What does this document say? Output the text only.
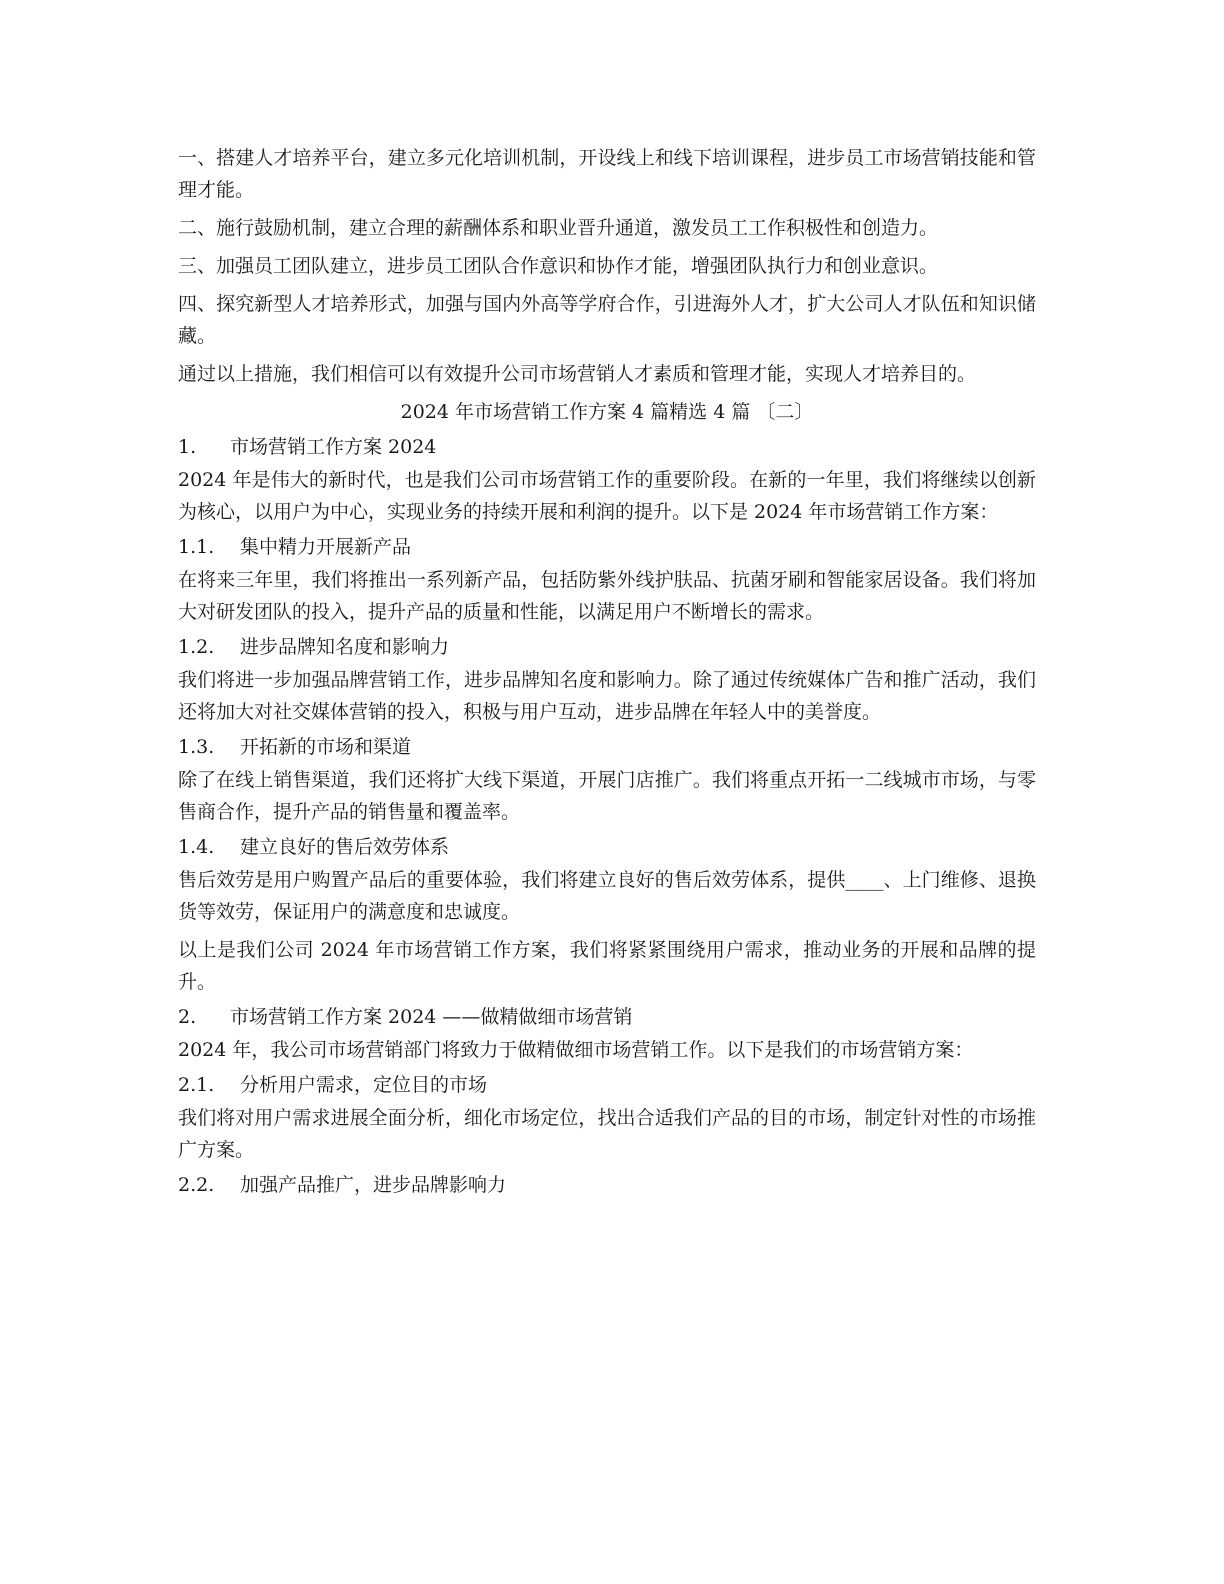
一、搭建人才培养平台，建立多元化培训机制，开设线上和线下培训课程，进步员工市场营销技能和管理才能。

二、施行鼓励机制，建立合理的薪酬体系和职业晋升通道，激发员工工作积极性和创造力。

三、加强员工团队建立，进步员工团队合作意识和协作才能，增强团队执行力和创业意识。

四、探究新型人才培养形式，加强与国内外高等学府合作，引进海外人才，扩大公司人才队伍和知识储藏。

通过以上措施，我们相信可以有效提升公司市场营销人才素质和管理才能，实现人才培养目的。

2024 年市场营销工作方案 4 篇精选 4 篇 〔二〕
1.	市场营销工作方案 2024

2024 年是伟大的新时代，也是我们公司市场营销工作的重要阶段。在新的一年里，我们将继续以创新为核心，以用户为中心，实现业务的持续开展和利润的提升。以下是 2024 年市场营销工作方案：

1.1.	集中精力开展新产品

在将来三年里，我们将推出一系列新产品，包括防紫外线护肤品、抗菌牙刷和智能家居设备。我们将加大对研发团队的投入，提升产品的质量和性能，以满足用户不断增长的需求。

1.2.	进步品牌知名度和影响力

我们将进一步加强品牌营销工作，进步品牌知名度和影响力。除了通过传统媒体广告和推广活动，我们还将加大对社交媒体营销的投入，积极与用户互动，进步品牌在年轻人中的美誉度。

1.3.	开拓新的市场和渠道

除了在线上销售渠道，我们还将扩大线下渠道，开展门店推广。我们将重点开拓一二线城市市场，与零售商合作，提升产品的销售量和覆盖率。

1.4.	建立良好的售后效劳体系

售后效劳是用户购置产品后的重要体验，我们将建立良好的售后效劳体系，提供____、上门维修、退换货等效劳，保证用户的满意度和忠诚度。

以上是我们公司 2024 年市场营销工作方案，我们将紧紧围绕用户需求，推动业务的开展和品牌的提升。

2.	市场营销工作方案 2024 ——做精做细市场营销

2024 年，我公司市场营销部门将致力于做精做细市场营销工作。以下是我们的市场营销方案：

2.1.	分析用户需求，定位目的市场

我们将对用户需求进展全面分析，细化市场定位，找出合适我们产品的目的市场，制定针对性的市场推广方案。

2.2.	加强产品推广，进步品牌影响力
